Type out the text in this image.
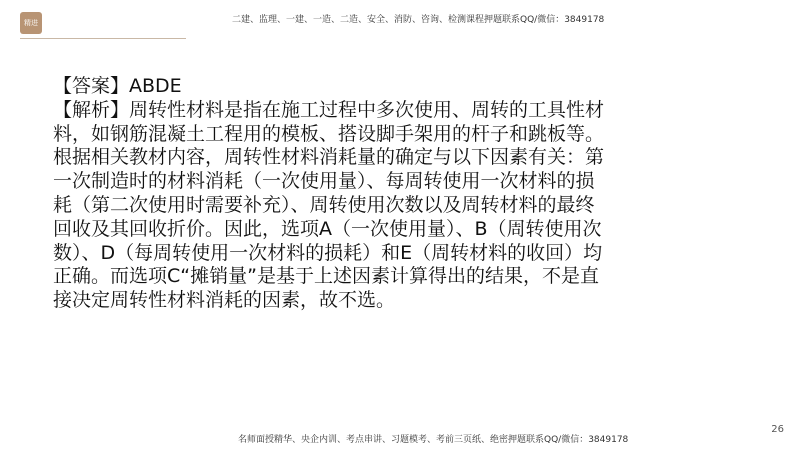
精进	二建、监理、一建、一造、二造、安全、消防、咨询、检测课程押题联系QQ/微信：3849178

【答案】ABDE

【解析】周转性材料是指在施工过程中多次使用、周转的工具性材料，如钢筋混凝土工程用的模板、搭设脚手架用的杆子和跳板等。根据相关教材内容，周转性材料消耗量的确定与以下因素有关：第一次制造时的材料消耗（一次使用量）、每周转使用一次材料的损耗（第二次使用时需要补充）、周转使用次数以及周转材料的最终回收及其回收折价。因此，选项A（一次使用量）、B（周转使用次数）、D（每周转使用一次材料的损耗）和E（周转材料的收回）均正确。而选项C“摊销量”是基于上述因素计算得出的结果，不是直接决定周转性材料消耗的因素，故不选。

26
名师面授精华、央企内训、考点串讲、习题模考、考前三页纸、绝密押题联系QQ/微信：3849178
